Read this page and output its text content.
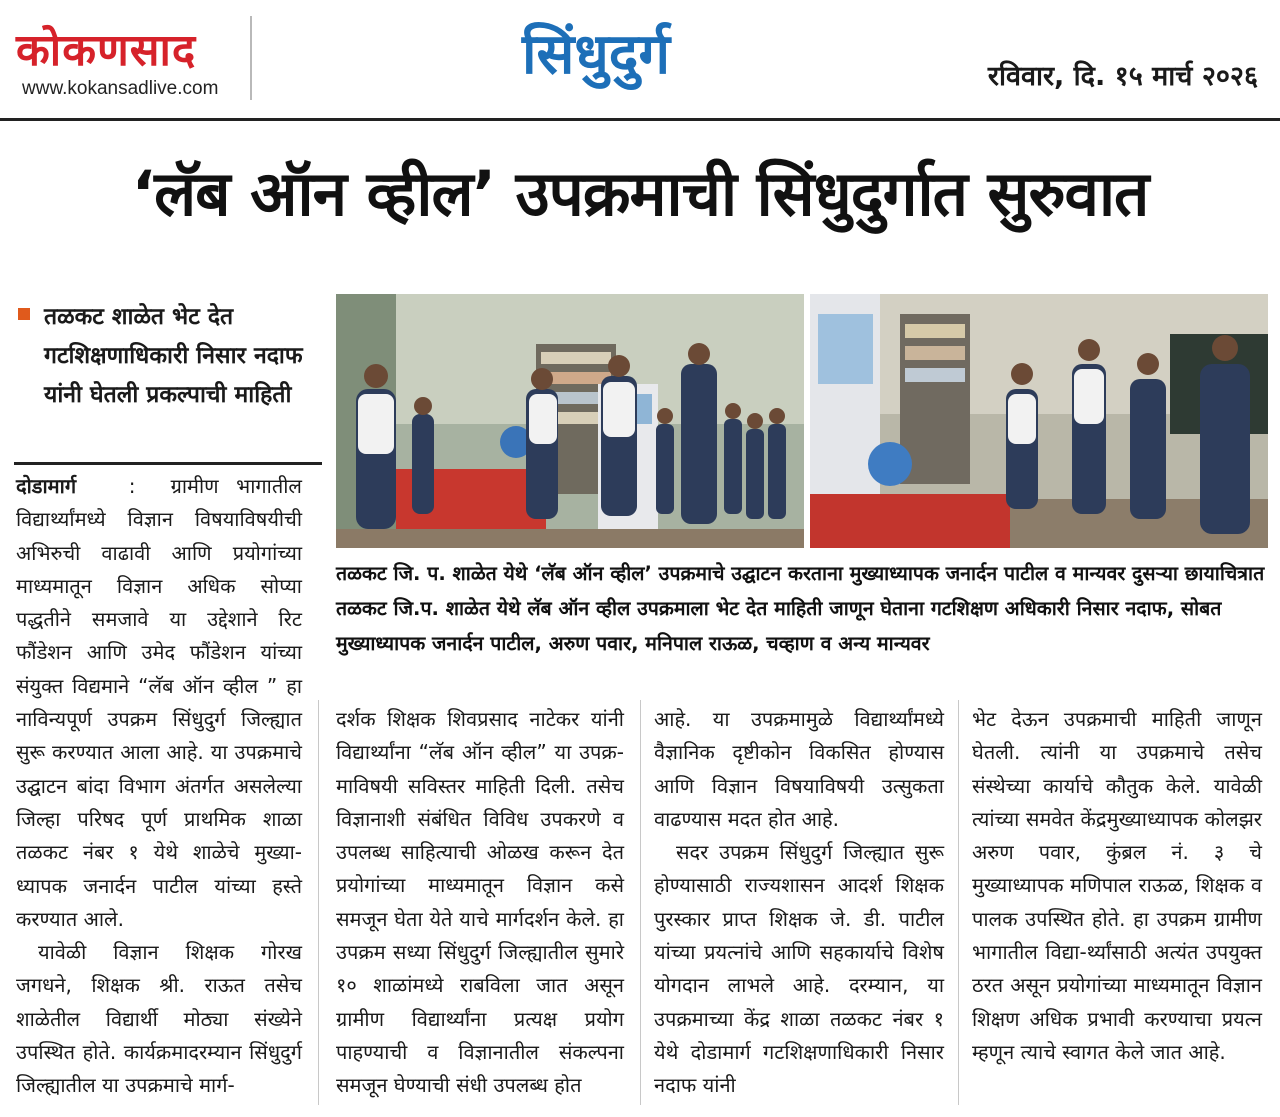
कोकणसाद
www.kokansadlive.com
सिंधुदुर्ग	रविवार, दि. १५ मार्च २०२६
‘लॅब ऑन व्हील’ उपक्रमाची सिंधुदुर्गात सुरुवात
तळकट शाळेत भेट देत गटशिक्षणाधिकारी निसार नदाफ यांनी घेतली प्रकल्पाची माहिती
तळकट जि. प. शाळेत येथे ‘लॅब ऑन व्हील’ उपक्रमाचे उद्घाटन करताना मुख्याध्यापक जनार्दन पाटील व मान्यवर दुसऱ्या छायाचित्रात तळकट जि.प. शाळेत येथे लॅब ऑन व्हील उपक्रमाला भेट देत माहिती जाणून घेताना गटशिक्षण अधिकारी निसार नदाफ, सोबत मुख्याध्यापक जनार्दन पाटील, अरुण पवार, मनिपाल राऊळ, चव्हाण व अन्य मान्यवर

दोडामार्ग   :  ग्रामीण भागातील विद्यार्थ्यांमध्ये विज्ञान विषयाविषयीची अभिरुची वाढावी आणि प्रयोगांच्या माध्यमातून विज्ञान अधिक सोप्या पद्धतीने समजावे या उद्देशाने रिट फौंडेशन आणि उमेद फौंडेशन यांच्या संयुक्त विद्यमाने “लॅब ऑन व्हील ” हा नाविन्यपूर्ण उपक्रम सिंधुदुर्ग जिल्ह्यात सुरू करण्यात आला आहे. या उपक्रमाचे उद्घाटन बांदा विभाग अंतर्गत असलेल्या जिल्हा परिषद पूर्ण प्राथमिक शाळा तळकट नंबर १ येथे शाळेचे मुख्या-ध्यापक जनार्दन पाटील यांच्या हस्ते करण्यात आले.

यावेळी विज्ञान शिक्षक गोरख जगधने, शिक्षक श्री. राऊत तसेच शाळेतील विद्यार्थी मोठ्या संख्येने उपस्थित होते. कार्यक्रमादरम्यान सिंधुदुर्ग जिल्ह्यातील या उपक्रमाचे मार्ग-

दर्शक शिक्षक शिवप्रसाद नाटेकर यांनी विद्यार्थ्यांना “लॅब ऑन व्हील” या उपक्र-माविषयी सविस्तर माहिती दिली. तसेच विज्ञानाशी संबंधित विविध उपकरणे व उपलब्ध साहित्याची ओळख करून देत प्रयोगांच्या माध्यमातून विज्ञान कसे समजून घेता येते याचे मार्गदर्शन केले. हा उपक्रम सध्या सिंधुदुर्ग जिल्ह्यातील सुमारे १० शाळांमध्ये राबविला जात असून ग्रामीण विद्यार्थ्यांना प्रत्यक्ष प्रयोग पाहण्याची व विज्ञानातील संकल्पना समजून घेण्याची संधी उपलब्ध होत

आहे. या उपक्रमामुळे विद्यार्थ्यांमध्ये वैज्ञानिक दृष्टीकोन विकसित होण्यास आणि विज्ञान विषयाविषयी उत्सुकता वाढण्यास मदत होत आहे.

सदर उपक्रम सिंधुदुर्ग जिल्ह्यात सुरू होण्यासाठी राज्यशासन आदर्श शिक्षक पुरस्कार प्राप्त शिक्षक जे. डी. पाटील यांच्या प्रयत्नांचे आणि सहकार्याचे विशेष योगदान लाभले आहे. दरम्यान, या उपक्रमाच्या केंद्र शाळा तळकट नंबर १ येथे दोडामार्ग गटशिक्षणाधिकारी निसार नदाफ यांनी

भेट देऊन उपक्रमाची माहिती जाणून घेतली. त्यांनी या उपक्रमाचे तसेच संस्थेच्या कार्याचे कौतुक केले. यावेळी त्यांच्या समवेत केंद्रमुख्याध्यापक कोलझर अरुण पवार, कुंब्रल नं. ३ चे मुख्याध्यापक मणिपाल राऊळ, शिक्षक व पालक उपस्थित होते. हा उपक्रम ग्रामीण भागातील विद्या-र्थ्यांसाठी अत्यंत उपयुक्त ठरत असून प्रयोगांच्या माध्यमातून विज्ञान शिक्षण अधिक प्रभावी करण्याचा प्रयत्न म्हणून त्याचे स्वागत केले जात आहे.
